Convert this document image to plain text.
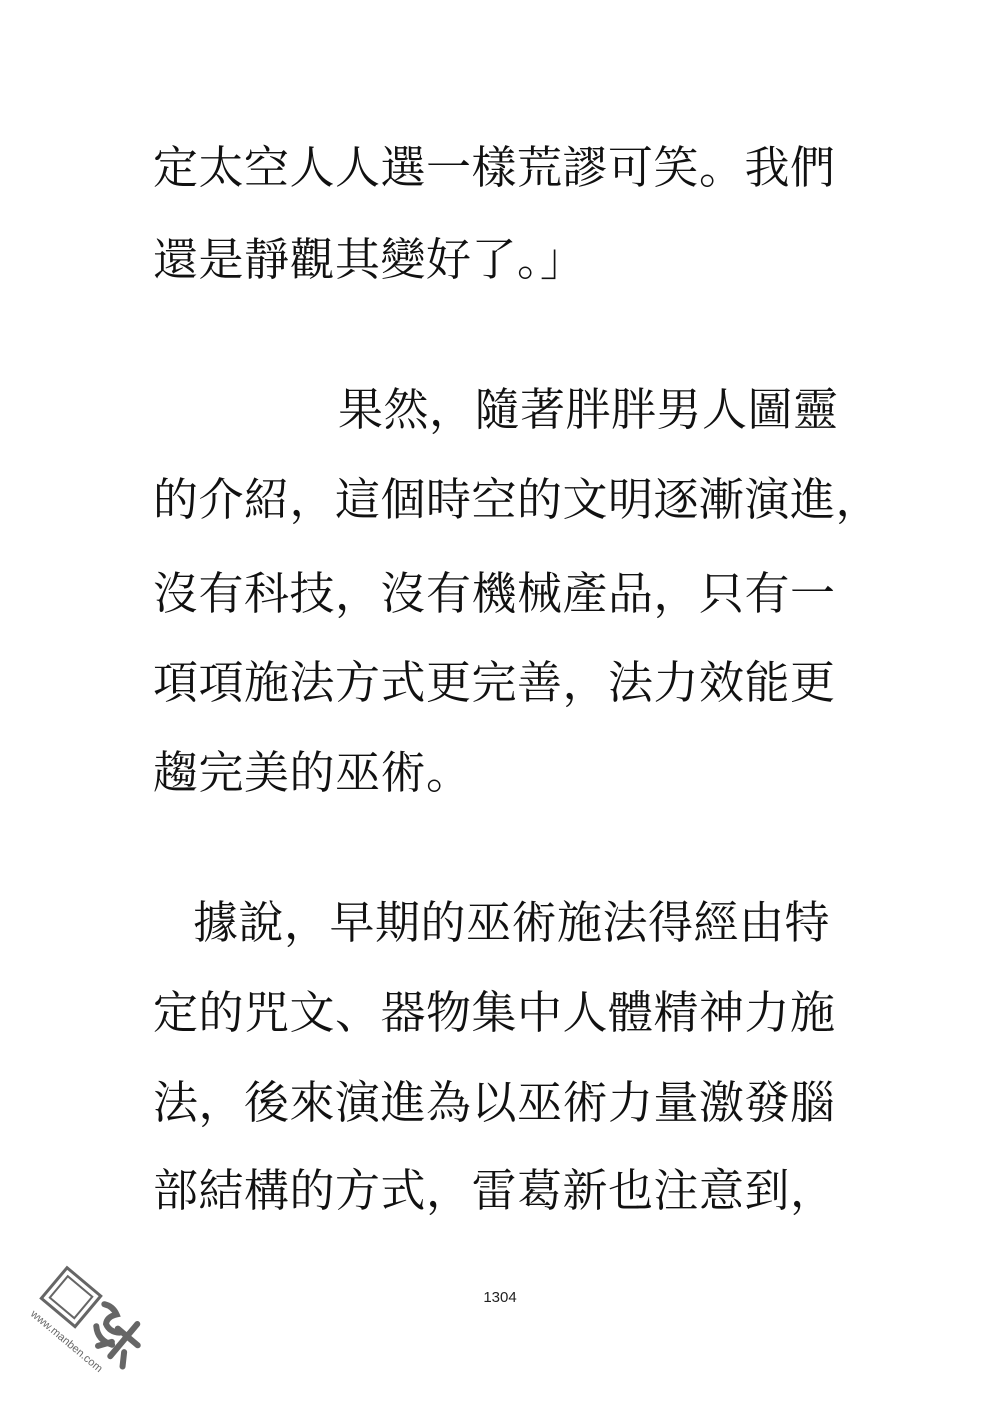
定太空人人選一樣荒謬可笑。我們
還是靜觀其變好了。」
果然，隨著胖胖男人圖靈
的介紹，這個時空的文明逐漸演進，
沒有科技，沒有機械產品，只有一
項項施法方式更完善，法力效能更
趨完美的巫術。
據說，早期的巫術施法得經由特
定的咒文、器物集中人體精神力施
法，後來演進為以巫術力量激發腦
部結構的方式，雷葛新也注意到，
1304
www.manben.com
